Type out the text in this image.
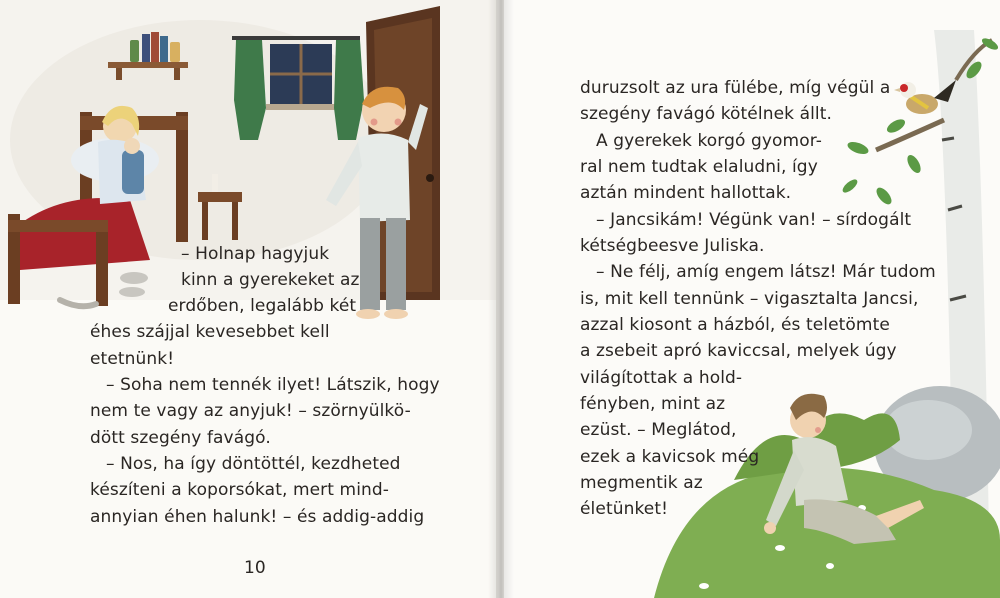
– Holnap hagyjuk
kinn a gyerekeket az
erdőben, legalább két
éhes szájjal kevesebbet kell
etetnünk!
– Soha nem tennék ilyet! Látszik, hogy
nem te vagy az anyjuk! – szörnyülkö-
dött szegény favágó.
– Nos, ha így döntöttél, kezdheted
készíteni a koporsókat, mert mind-
annyian éhen halunk! – és addig-addig
10
duruzsolt az ura fülébe, míg végül a
szegény favágó kötélnek állt.
A gyerekek korgó gyomor-
ral nem tudtak elaludni, így
aztán mindent hallottak.
– Jancsikám! Végünk van! – sírdogált
kétségbeesve Juliska.
– Ne félj, amíg engem látsz! Már tudom
is, mit kell tennünk – vigasztalta Jancsi,
azzal kiosont a házból, és teletömte
a zsebeit apró kaviccsal, melyek úgy
világítottak a hold-
fényben, mint az
ezüst. – Meglátod,
ezek a kavicsok még
megmentik az
életünket!
